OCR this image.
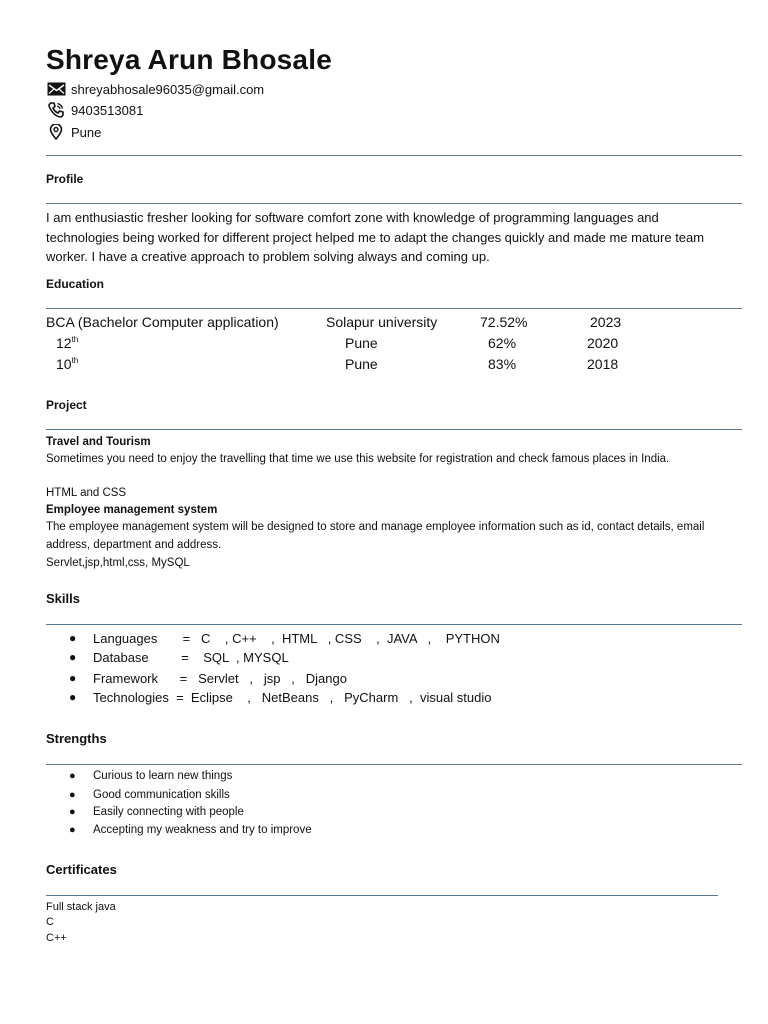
Shreya Arun Bhosale
shreyabhosale96035@gmail.com
9403513081
Pune
Profile
I am enthusiastic fresher looking for software comfort zone with knowledge of programming languages and technologies being worked for different project helped me to adapt the changes quickly and made me mature team worker. I have a creative approach to problem solving always and coming up.
Education
BCA (Bachelor Computer application)	Solapur university	72.52%	2023
12th	Pune	62%	2020
10th	Pune	83%	2018
Project
Travel and Tourism
Sometimes you need to enjoy the travelling that time we use this website for registration and check famous places in India.
HTML and CSS
Employee management system
The employee management system will be designed to store and manage employee information such as id, contact details, email address, department and address.
Servlet,jsp,html,css, MySQL
Skills
● Languages       =   C    , C++    ,  HTML   , CSS    ,  JAVA   ,    PYTHON
● Database         =    SQL  , MYSQL
● Framework      =   Servlet   ,   jsp   ,   Django
● Technologies  =  Eclipse    ,   NetBeans   ,   PyCharm   ,  visual studio
Strengths
● Curious to learn new things
● Good communication skills
● Easily connecting with people
● Accepting my weakness and try to improve
Certificates
Full stack java
C
C++
